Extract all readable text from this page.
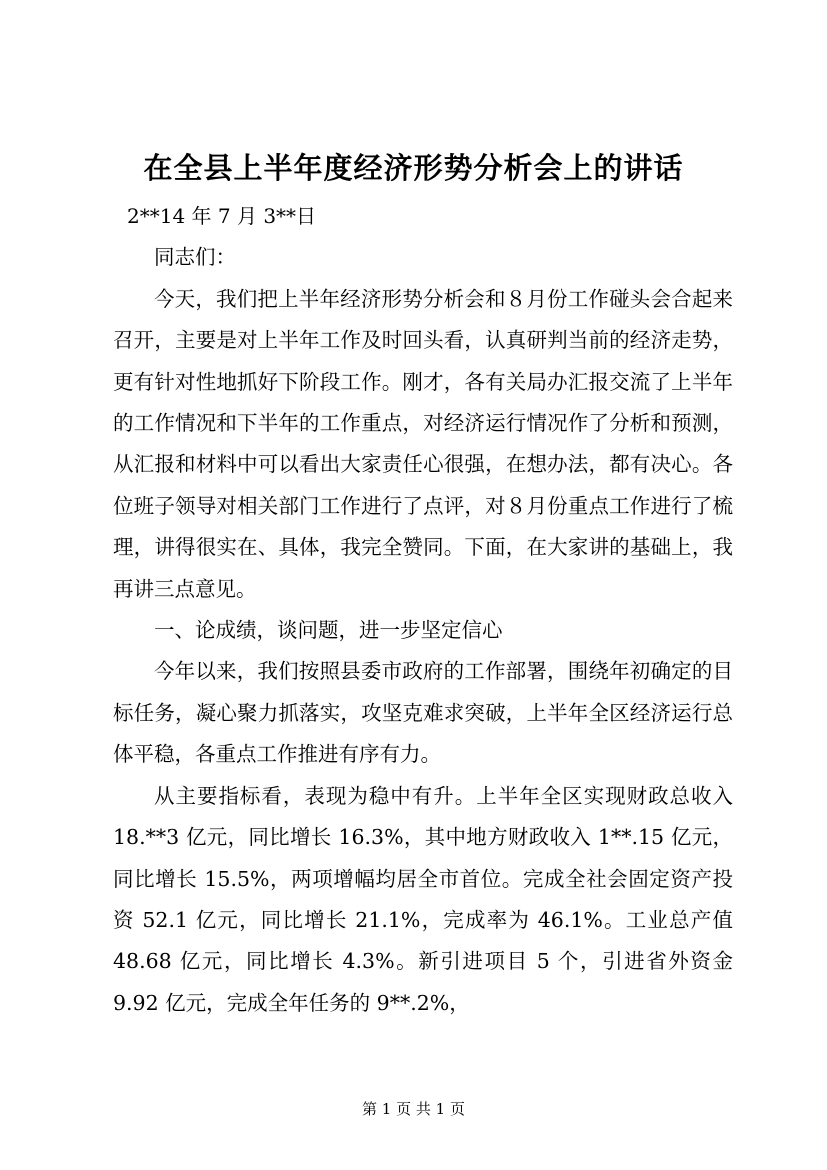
在全县上半年度经济形势分析会上的讲话

2**14 年 7 月 3**日

同志们：

今天，我们把上半年经济形势分析会和８月份工作碰头会合起来召开，主要是对上半年工作及时回头看，认真研判当前的经济走势，更有针对性地抓好下阶段工作。刚才，各有关局办汇报交流了上半年的工作情况和下半年的工作重点，对经济运行情况作了分析和预测，从汇报和材料中可以看出大家责任心很强，在想办法，都有决心。各位班子领导对相关部门工作进行了点评，对８月份重点工作进行了梳理，讲得很实在、具体，我完全赞同。下面，在大家讲的基础上，我再讲三点意见。

一、论成绩，谈问题，进一步坚定信心

今年以来，我们按照县委市政府的工作部署，围绕年初确定的目标任务，凝心聚力抓落实，攻坚克难求突破，上半年全区经济运行总体平稳，各重点工作推进有序有力。

从主要指标看，表现为稳中有升。上半年全区实现财政总收入 18.**3 亿元，同比增长 16.3%，其中地方财政收入 1**.15 亿元，同比增长 15.5%，两项增幅均居全市首位。完成全社会固定资产投资 52.1 亿元，同比增长 21.1%，完成率为 46.1%。工业总产值 48.68 亿元，同比增长 4.3%。新引进项目 5 个，引进省外资金 9.92 亿元，完成全年任务的 9**.2%，

第 1 页 共 1 页
